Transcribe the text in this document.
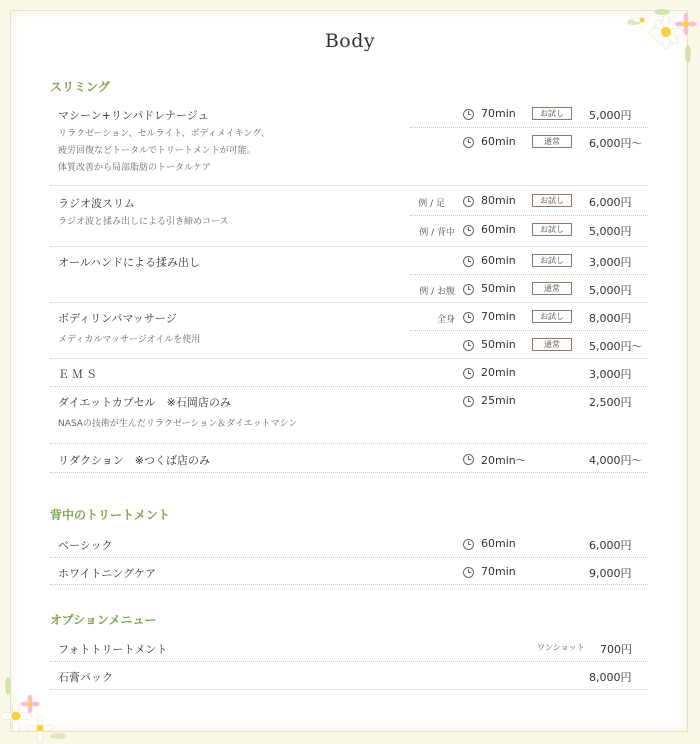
Body
スリミング
マシーン+リンパドレナージュ
リラクゼーション、セルライト、ボディメイキング、
疲労回復などトータルでトリートメントが可能。
体質改善から局部脂肪のトータルケア
70min	お試し	5,000円
60min	通常	6,000円〜
ラジオ波スリム
ラジオ波と揉み出しによる引き締めコース
例 / 足	80min	お試し	6,000円
例 / 背中 60min	お試し	5,000円
オールハンドによる揉み出し	60min	お試し	3,000円
例 / お腹 50min	通常	5,000円
ボディリンパマッサージ
メディカルマッサージオイルを使用
全身 70min	お試し	8,000円
50min	通常	5,000円〜
ＥＭＳ	20min	3,000円
ダイエットカプセル　※石岡店のみ
NASAの技術が生んだリラクゼーション＆ダイエットマシン
25min	2,500円
リダクション　※つくば店のみ	20min〜	4,000円〜
背中のトリートメント
ベーシック	60min	6,000円
ホワイトニングケア	70min	9,000円
オプションメニュー
フォトトリートメント	ワンショット 700円
石膏パック	8,000円
